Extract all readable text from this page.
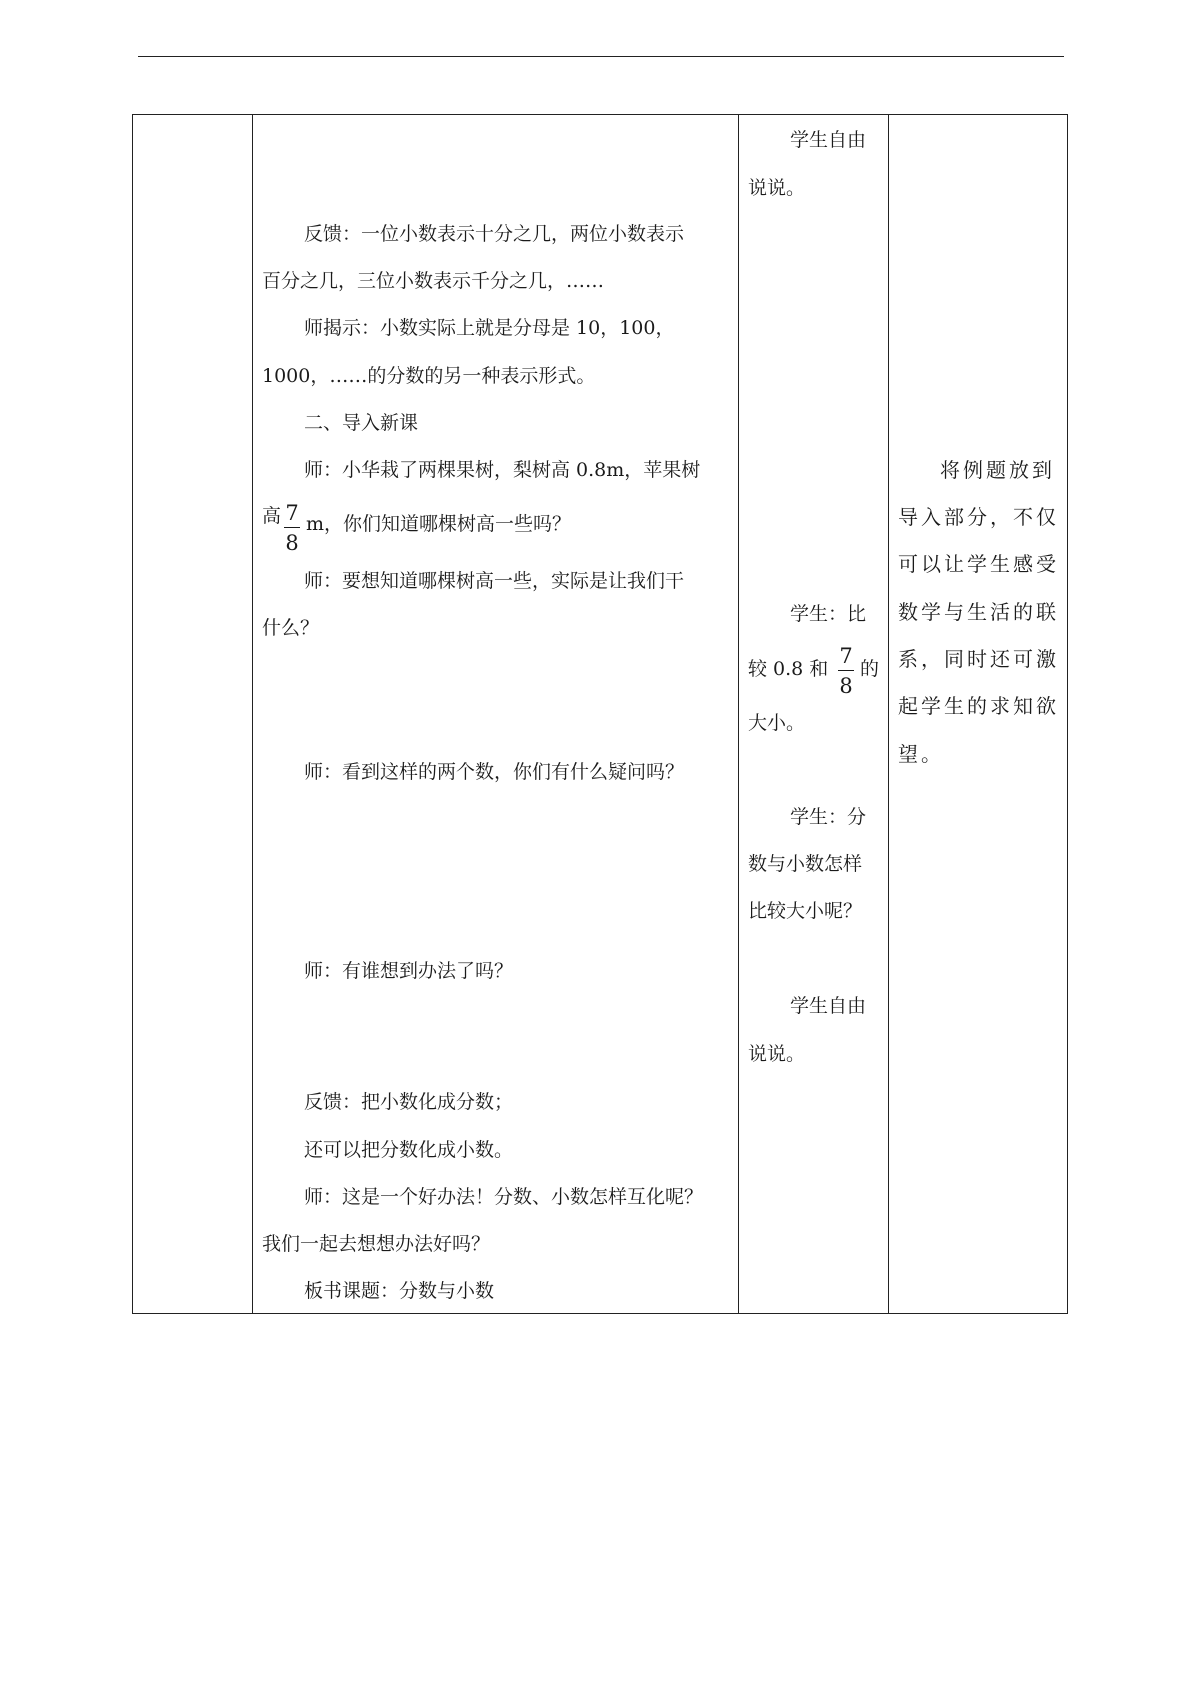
反馈：一位小数表示十分之几，两位小数表示
百分之几，三位小数表示千分之几，……
师揭示：小数实际上就是分母是 10，100，
1000，……的分数的另一种表示形式。
二、导入新课
师：小华栽了两棵果树，梨树高 0.8m，苹果树
高 7
8
m，你们知道哪棵树高一些吗？
师：要想知道哪棵树高一些，实际是让我们干
什么？
师：看到这样的两个数，你们有什么疑问吗？
师：有谁想到办法了吗？
反馈：把小数化成分数；
还可以把分数化成小数。
师：这是一个好办法！分数、小数怎样互化呢？
我们一起去想想办法好吗？
板书课题：分数与小数
学生自由
说说。
学生：比
较 0.8 和
7
8
的
大小。
学生：分
数与小数怎样
比较大小呢？
学生自由
说说。
将例题放到
导入部分，不仅
可以让学生感受
数学与生活的联
系，同时还可激
起学生的求知欲
望。
